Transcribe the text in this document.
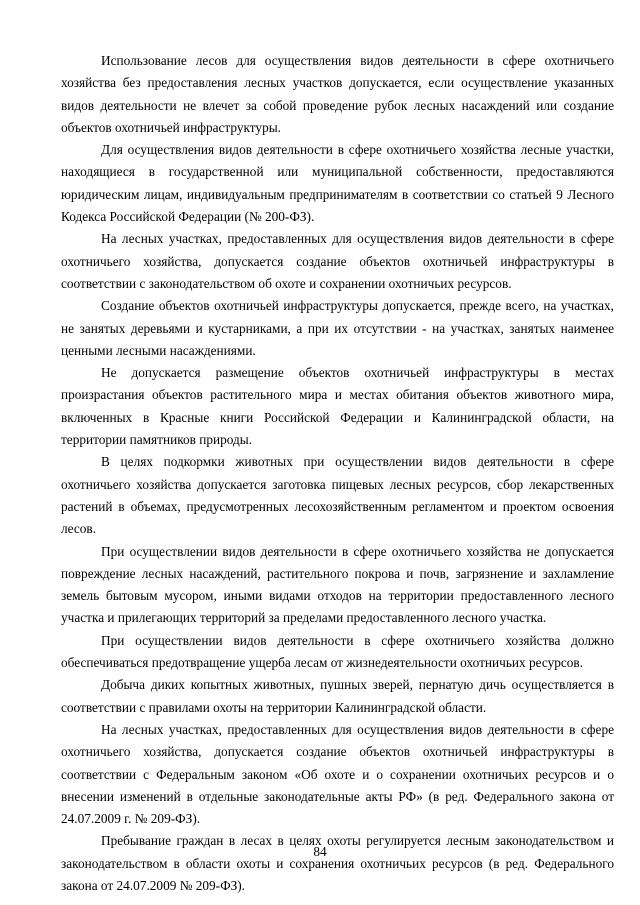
Использование лесов для осуществления видов деятельности в сфере охотничьего хозяйства без предоставления лесных участков допускается, если осуществление указанных видов деятельности не влечет за собой проведение рубок лесных насаждений или создание объектов охотничьей инфраструктуры.

Для осуществления видов деятельности в сфере охотничьего хозяйства лесные участки, находящиеся в государственной или муниципальной собственности, предоставляются юридическим лицам, индивидуальным предпринимателям в соответствии со статьей 9 Лесного Кодекса Российской Федерации (№ 200-ФЗ).

На лесных участках, предоставленных для осуществления видов деятельности в сфере охотничьего хозяйства, допускается создание объектов охотничьей инфраструктуры в соответствии с законодательством об охоте и сохранении охотничьих ресурсов.

Создание объектов охотничьей инфраструктуры допускается, прежде всего, на участках, не занятых деревьями и кустарниками, а при их отсутствии - на участках, занятых наименее ценными лесными насаждениями.

Не допускается размещение объектов охотничьей инфраструктуры в местах произрастания объектов растительного мира и местах обитания объектов животного мира, включенных в Красные книги Российской Федерации и Калининградской области, на территории памятников природы.

В целях подкормки животных при осуществлении видов деятельности в сфере охотничьего хозяйства допускается заготовка пищевых лесных ресурсов, сбор лекарственных растений в объемах, предусмотренных лесохозяйственным регламентом и проектом освоения лесов.

При осуществлении видов деятельности в сфере охотничьего хозяйства не допускается повреждение лесных насаждений, растительного покрова и почв, загрязнение и захламление земель бытовым мусором, иными видами отходов на территории предоставленного лесного участка и прилегающих территорий за пределами предоставленного лесного участка.

При осуществлении видов деятельности в сфере охотничьего хозяйства должно обеспечиваться предотвращение ущерба лесам от жизнедеятельности охотничьих ресурсов.

Добыча диких копытных животных, пушных зверей, пернатую дичь осуществляется в соответствии с правилами охоты на территории Калининградской области.

На лесных участках, предоставленных для осуществления видов деятельности в сфере охотничьего хозяйства, допускается создание объектов охотничьей инфраструктуры в соответствии с Федеральным законом «Об охоте и о сохранении охотничьих ресурсов и о внесении изменений в отдельные законодательные акты РФ» (в ред. Федерального закона от 24.07.2009 г. № 209-ФЗ).

Пребывание граждан в лесах в целях охоты регулируется лесным законодательством и законодательством в области охоты и сохранения охотничьих ресурсов (в ред. Федерального закона от 24.07.2009 № 209-ФЗ).

84
